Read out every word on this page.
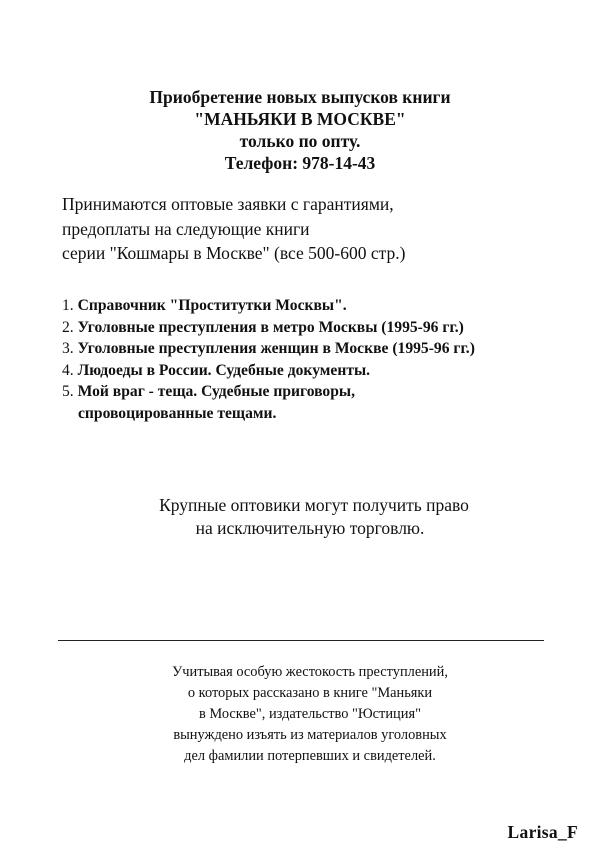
Приобретение новых выпусков книги
"МАНЬЯКИ В МОСКВЕ"
только по опту.
Телефон: 978-14-43
Принимаются оптовые заявки с гарантиями,
предоплаты на следующие книги
серии "Кошмары в Москве" (все 500-600 стр.)
1. Справочник "Проститутки Москвы".
2. Уголовные преступления в метро Москвы (1995-96 гг.)
3. Уголовные преступления женщин в Москве (1995-96 гг.)
4. Людоеды в России. Судебные документы.
5. Мой враг - теща. Судебные приговоры,
спровоцированные тещами.
Крупные оптовики могут получить право
на исключительную торговлю.
Учитывая особую жестокость преступлений,
о которых рассказано в книге "Маньяки
в Москве", издательство "Юстиция"
вынуждено изъять из материалов уголовных
дел фамилии потерпевших и свидетелей.
Larisa_F
